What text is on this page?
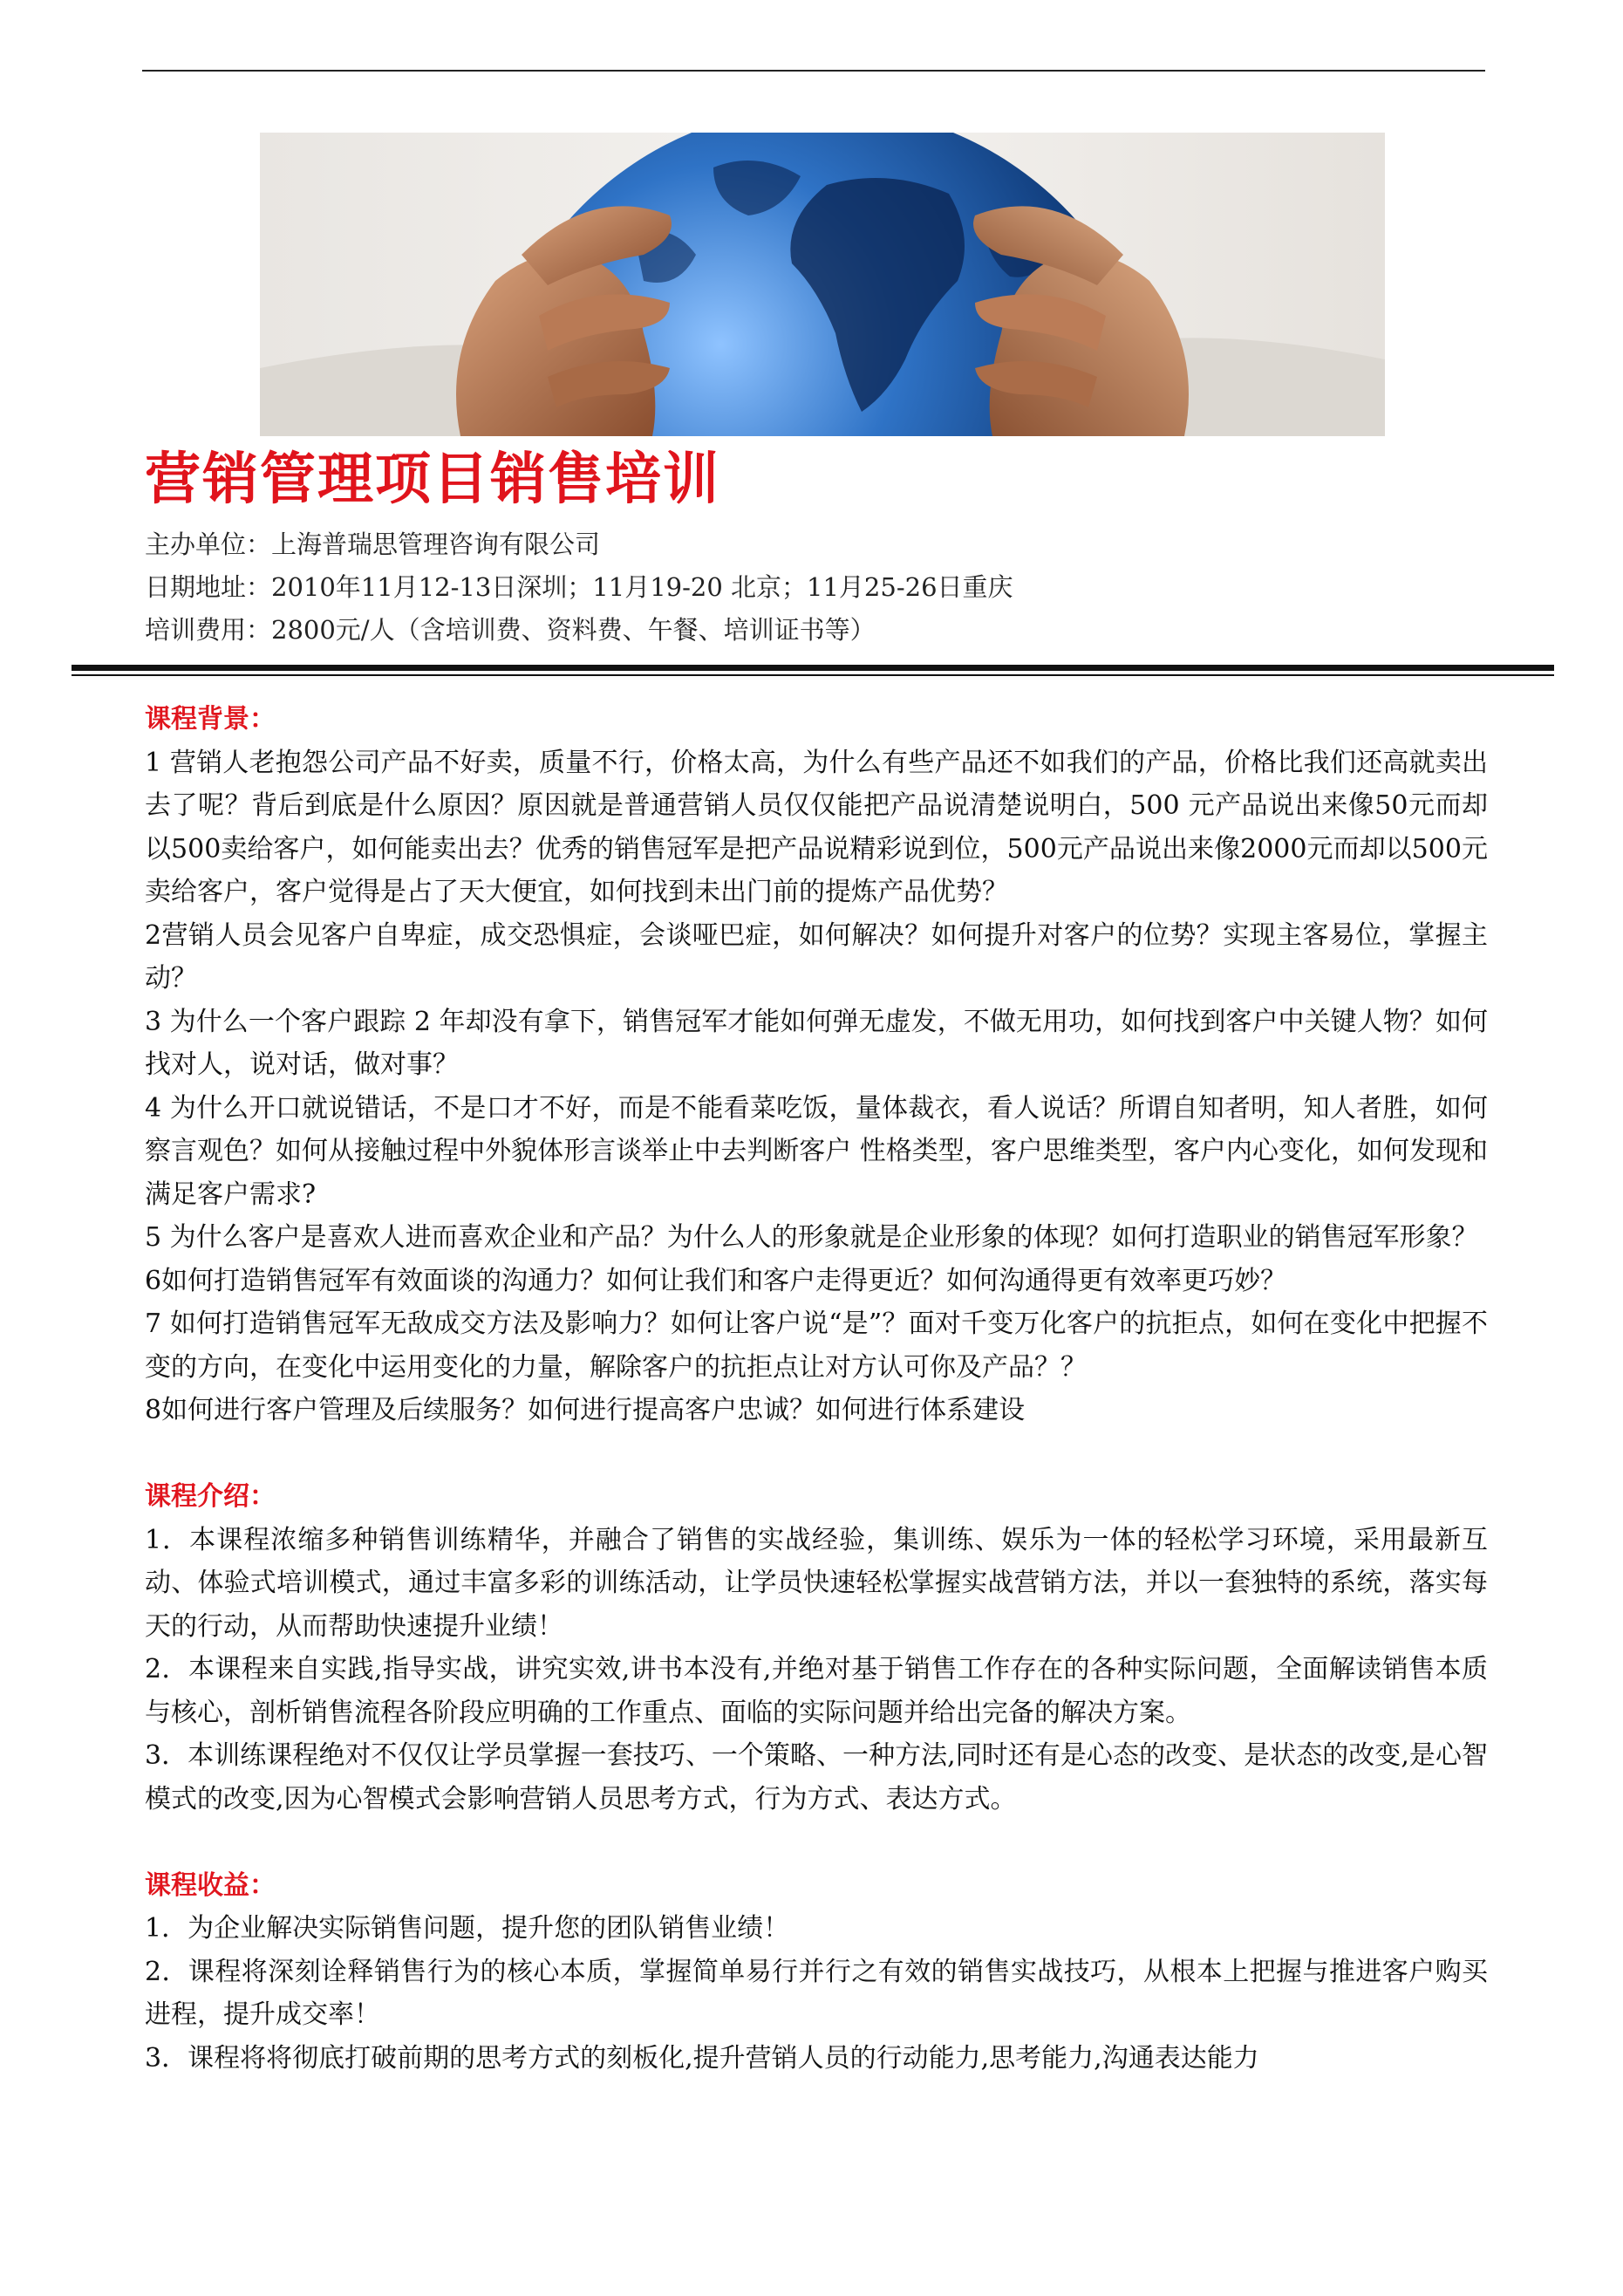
营销管理项目销售培训
主办单位：上海普瑞思管理咨询有限公司
日期地址：2010年11月12-13日深圳；11月19-20 北京；11月25-26日重庆
培训费用：2800元/人（含培训费、资料费、午餐、培训证书等）
课程背景：

1 营销人老抱怨公司产品不好卖，质量不行，价格太高，为什么有些产品还不如我们的产品，价格比我们还高就卖出去了呢？背后到底是什么原因？原因就是普通营销人员仅仅能把产品说清楚说明白，500 元产品说出来像50元而却以500卖给客户，如何能卖出去？优秀的销售冠军是把产品说精彩说到位，500元产品说出来像2000元而却以500元卖给客户，客户觉得是占了天大便宜，如何找到未出门前的提炼产品优势？

2营销人员会见客户自卑症，成交恐惧症，会谈哑巴症，如何解决？如何提升对客户的位势？实现主客易位，掌握主动？

3 为什么一个客户跟踪 2 年却没有拿下，销售冠军才能如何弹无虚发，不做无用功，如何找到客户中关键人物？如何找对人，说对话，做对事？

4 为什么开口就说错话，不是口才不好，而是不能看菜吃饭，量体裁衣，看人说话？所谓自知者明，知人者胜，如何察言观色？如何从接触过程中外貌体形言谈举止中去判断客户 性格类型，客户思维类型，客户内心变化，如何发现和满足客户需求?

5 为什么客户是喜欢人进而喜欢企业和产品？为什么人的形象就是企业形象的体现？如何打造职业的销售冠军形象？

6如何打造销售冠军有效面谈的沟通力？如何让我们和客户走得更近？如何沟通得更有效率更巧妙？

7 如何打造销售冠军无敌成交方法及影响力？如何让客户说“是”？面对千变万化客户的抗拒点，如何在变化中把握不变的方向，在变化中运用变化的力量，解除客户的抗拒点让对方认可你及产品？？

8如何进行客户管理及后续服务？如何进行提高客户忠诚？如何进行体系建设

课程介绍：

1．本课程浓缩多种销售训练精华，并融合了销售的实战经验，集训练、娱乐为一体的轻松学习环境，采用最新互动、体验式培训模式，通过丰富多彩的训练活动，让学员快速轻松掌握实战营销方法，并以一套独特的系统，落实每天的行动，从而帮助快速提升业绩！

2．本课程来自实践,指导实战，讲究实效,讲书本没有,并绝对基于销售工作存在的各种实际问题，全面解读销售本质与核心，剖析销售流程各阶段应明确的工作重点、面临的实际问题并给出完备的解决方案。

3．本训练课程绝对不仅仅让学员掌握一套技巧、一个策略、一种方法,同时还有是心态的改变、是状态的改变,是心智模式的改变,因为心智模式会影响营销人员思考方式，行为方式、表达方式。

课程收益：

1．为企业解决实际销售问题，提升您的团队销售业绩！

2．课程将深刻诠释销售行为的核心本质，掌握简单易行并行之有效的销售实战技巧，从根本上把握与推进客户购买进程，提升成交率！

3．课程将将彻底打破前期的思考方式的刻板化,提升营销人员的行动能力,思考能力,沟通表达能力
